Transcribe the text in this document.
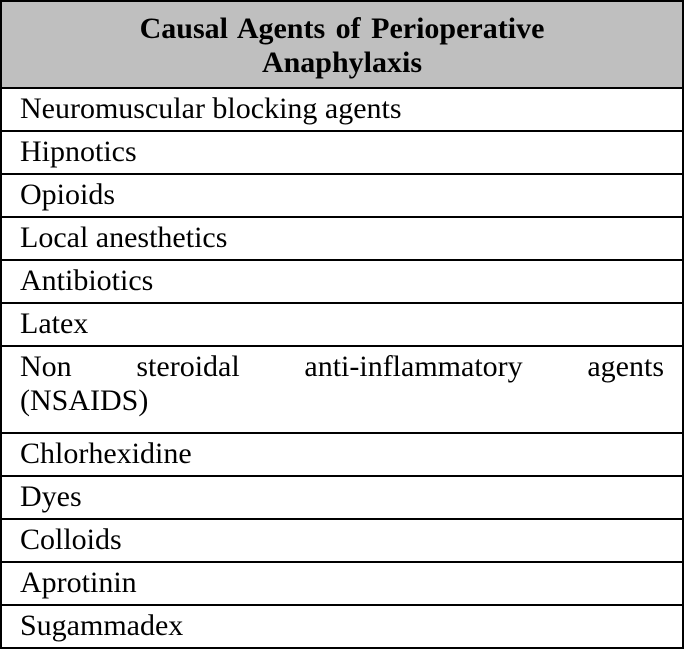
Causal Agents of Perioperative Anaphylaxis
Neuromuscular blocking agents
Hipnotics
Opioids
Local anesthetics
Antibiotics
Latex

Non steroidal anti-inflammatory agents
(NSAIDS)
Chlorhexidine
Dyes
Colloids
Aprotinin
Sugammadex
